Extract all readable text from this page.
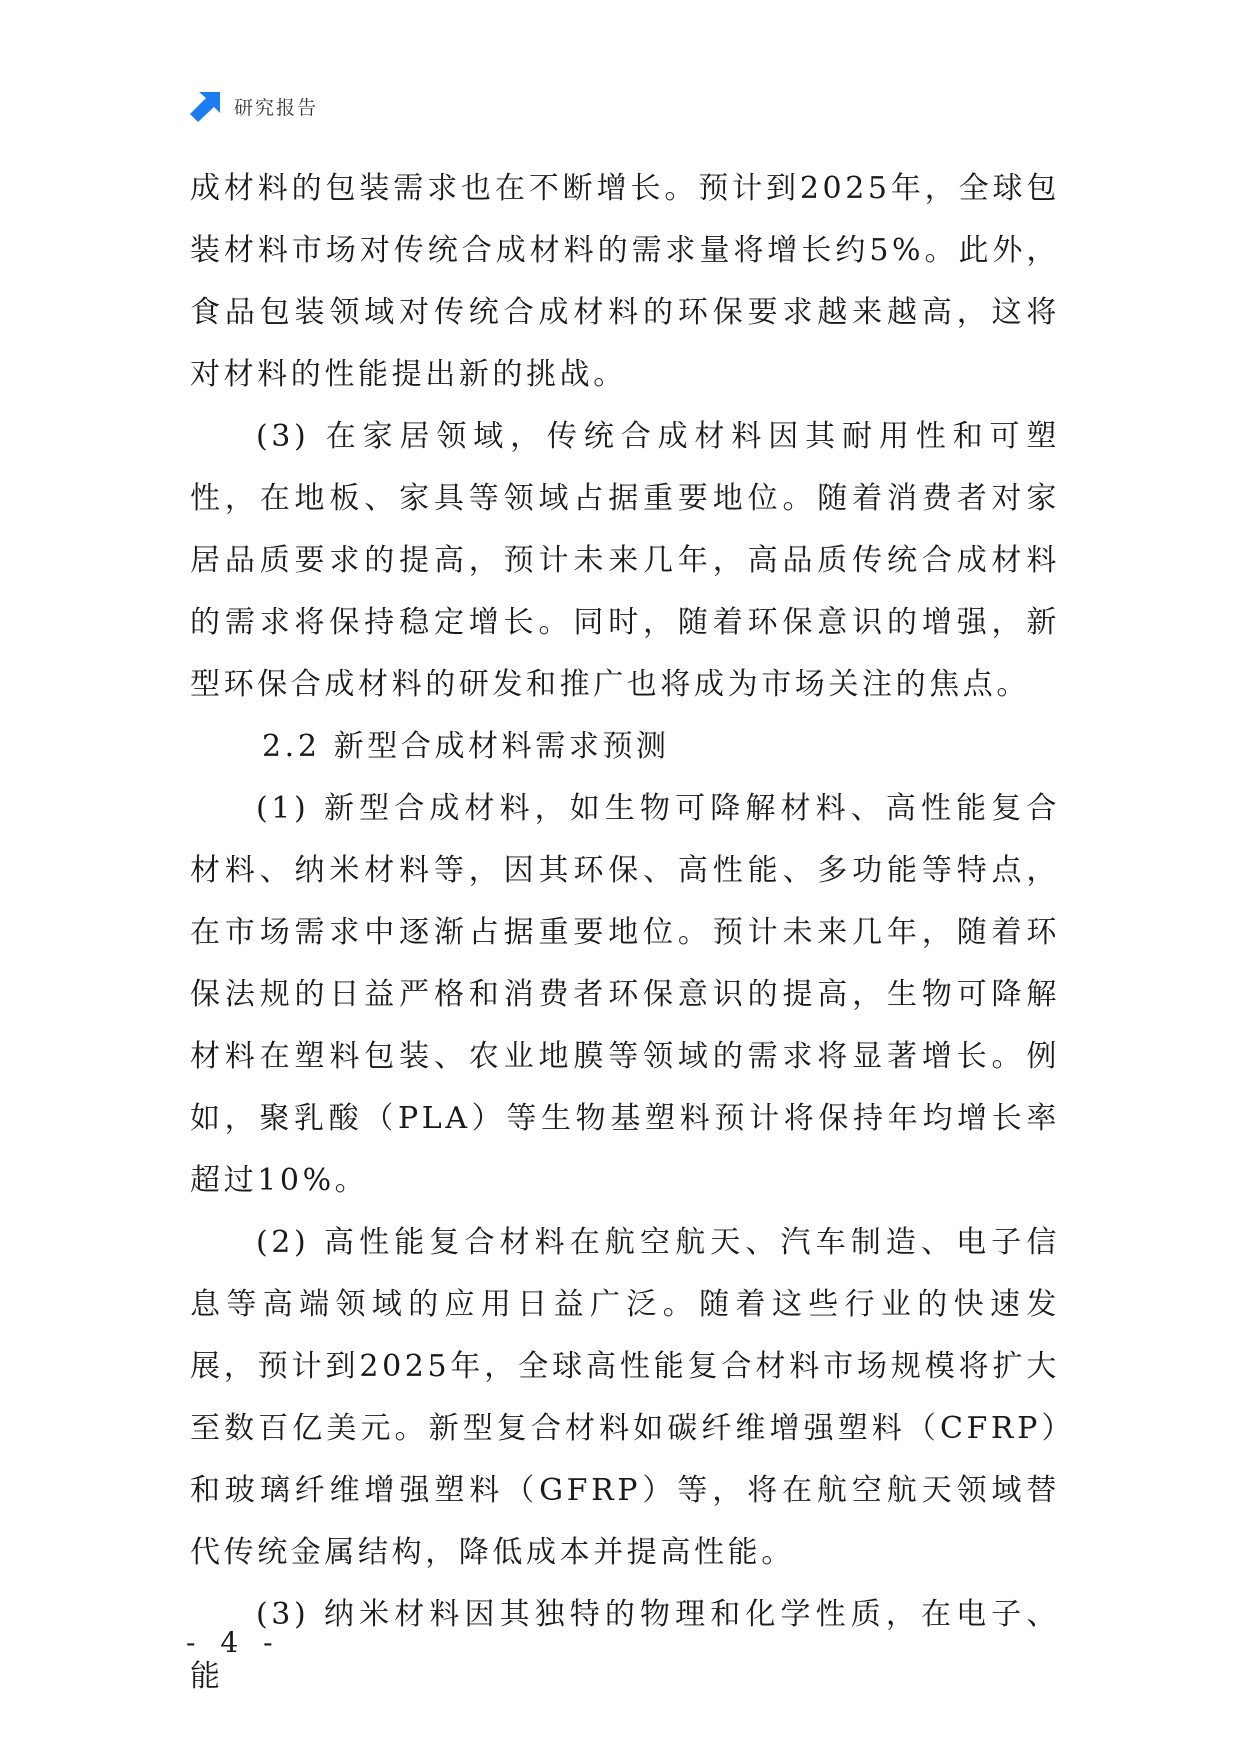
研究报告

成材料的包装需求也在不断增长。预计到2025年，全球包装材料市场对传统合成材料的需求量将增长约5%。此外，食品包装领域对传统合成材料的环保要求越来越高，这将对材料的性能提出新的挑战。

(3) 在家居领域，传统合成材料因其耐用性和可塑性，在地板、家具等领域占据重要地位。随着消费者对家居品质要求的提高，预计未来几年，高品质传统合成材料的需求将保持稳定增长。同时，随着环保意识的增强，新型环保合成材料的研发和推广也将成为市场关注的焦点。

2.2 新型合成材料需求预测

(1) 新型合成材料，如生物可降解材料、高性能复合材料、纳米材料等，因其环保、高性能、多功能等特点，在市场需求中逐渐占据重要地位。预计未来几年，随着环保法规的日益严格和消费者环保意识的提高，生物可降解材料在塑料包装、农业地膜等领域的需求将显著增长。例如，聚乳酸（PLA）等生物基塑料预计将保持年均增长率超过10%。

(2) 高性能复合材料在航空航天、汽车制造、电子信息等高端领域的应用日益广泛。随着这些行业的快速发展，预计到2025年，全球高性能复合材料市场规模将扩大至数百亿美元。新型复合材料如碳纤维增强塑料（CFRP）和玻璃纤维增强塑料（GFRP）等，将在航空航天领域替代传统金属结构，降低成本并提高性能。

(3) 纳米材料因其独特的物理和化学性质，在电子、能

- 4 -
